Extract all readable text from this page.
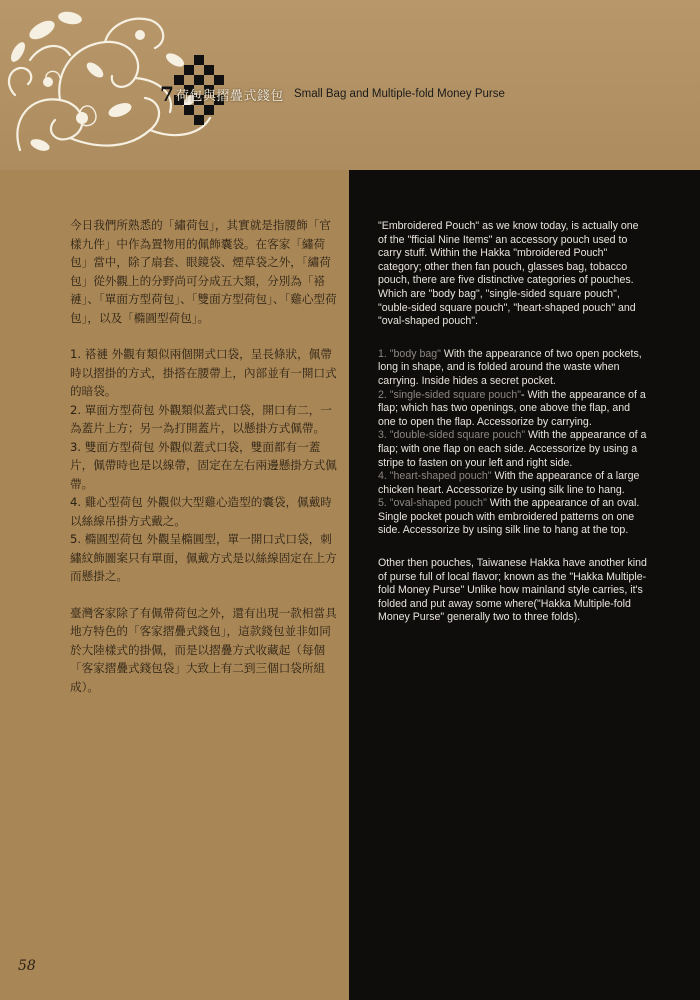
7 荷包與摺疊式錢包 Small Bag and Multiple-fold Money Purse

今日我們所熟悉的「繡荷包」，其實就是指腰飾「官樣九件」中作為置物用的佩飾囊袋。在客家「繡荷包」當中，除了扇套、眼鏡袋、煙草袋之外，「繡荷包」從外觀上的分野尚可分成五大類，分別為「褡褳」、「單面方型荷包」、「雙面方型荷包」、「雞心型荷包」，以及「橢圓型荷包」。

1. 褡褳 外觀有類似兩個開式口袋，呈長條狀，佩帶時以摺掛的方式，掛搭在腰帶上，內部並有一開口式的暗袋。

2. 單面方型荷包 外觀類似蓋式口袋，開口有二，一為蓋片上方；另一為打開蓋片，以懸掛方式佩帶。

3. 雙面方型荷包 外觀似蓋式口袋，雙面都有一蓋片，佩帶時也是以線帶，固定在左右兩邊懸掛方式佩帶。

4. 雞心型荷包 外觀似大型雞心造型的囊袋，佩戴時以絲線吊掛方式戴之。

5. 橢圓型荷包 外觀呈橢圓型，單一開口式口袋，刺繡紋飾圖案只有單面，佩戴方式是以絲線固定在上方而懸掛之。

臺灣客家除了有佩帶荷包之外，還有出現一款相當具地方特色的「客家摺疊式錢包」，這款錢包並非如同於大陸樣式的掛佩，而是以摺疊方式收藏起（每個「客家摺疊式錢包袋」大致上有二到三個口袋所組成）。

"Embroidered Pouch" as we know today, is actually one of the "fficial Nine Items" an accessory pouch used to carry stuff. Within the Hakka "mbroidered Pouch" category; other then fan pouch, glasses bag, tobacco pouch, there are five distinctive categories of pouches. Which are "body bag", "single-sided square pouch", "ouble-sided square pouch", "heart-shaped pouch" and "oval-shaped pouch".

1. "body bag" With the appearance of two open pockets, long in shape, and is folded around the waste when carrying. Inside hides a secret pocket.

2. "single-sided square pouch"- With the appearance of a flap; which has two openings, one above the flap, and one to open the flap. Accessorize by carrying.

3. "double-sided square pouch" With the appearance of a flap; with one flap on each side. Accessorize by using a stripe to fasten on your left and right side.

4. "heart-shaped pouch" With the appearance of a large chicken heart. Accessorize by using silk line to hang.

5. "oval-shaped pouch" With the appearance of an oval. Single pocket pouch with embroidered patterns on one side. Accessorize by using silk line to hang at the top.

Other then pouches, Taiwanese Hakka have another kind of purse full of local flavor; known as the "Hakka Multiple-fold Money Purse" Unlike how mainland style carries, it's folded and put away some where("Hakka Multiple-fold Money Purse" generally two to three folds).

58
